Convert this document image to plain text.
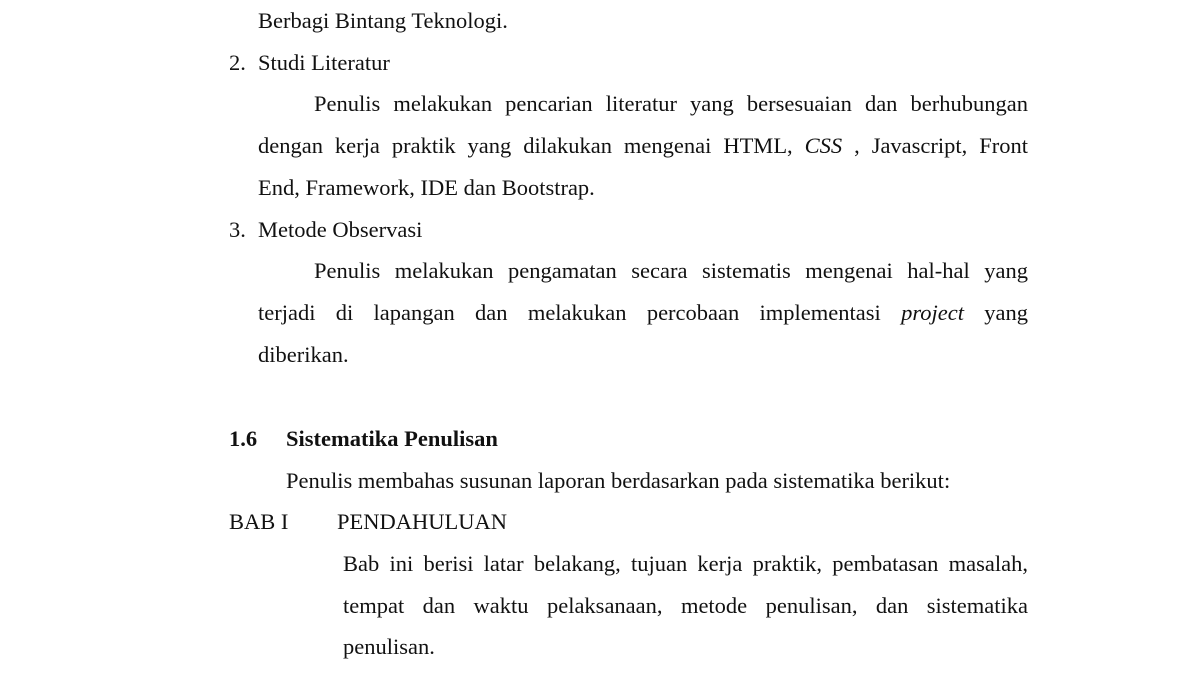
Berbagi Bintang Teknologi.
2. Studi Literatur
Penulis melakukan pencarian literatur yang bersesuaian dan berhubungan
dengan kerja praktik yang dilakukan mengenai HTML, CSS , Javascript, Front
End, Framework, IDE dan Bootstrap.
3. Metode Observasi
Penulis melakukan pengamatan secara sistematis mengenai hal-hal yang
terjadi di lapangan dan melakukan percobaan implementasi project yang
diberikan.
1.6 Sistematika Penulisan
Penulis membahas susunan laporan berdasarkan pada sistematika berikut:
BAB I PENDAHULUAN
Bab ini berisi latar belakang, tujuan kerja praktik, pembatasan masalah,
tempat dan waktu pelaksanaan, metode penulisan, dan sistematika
penulisan.
